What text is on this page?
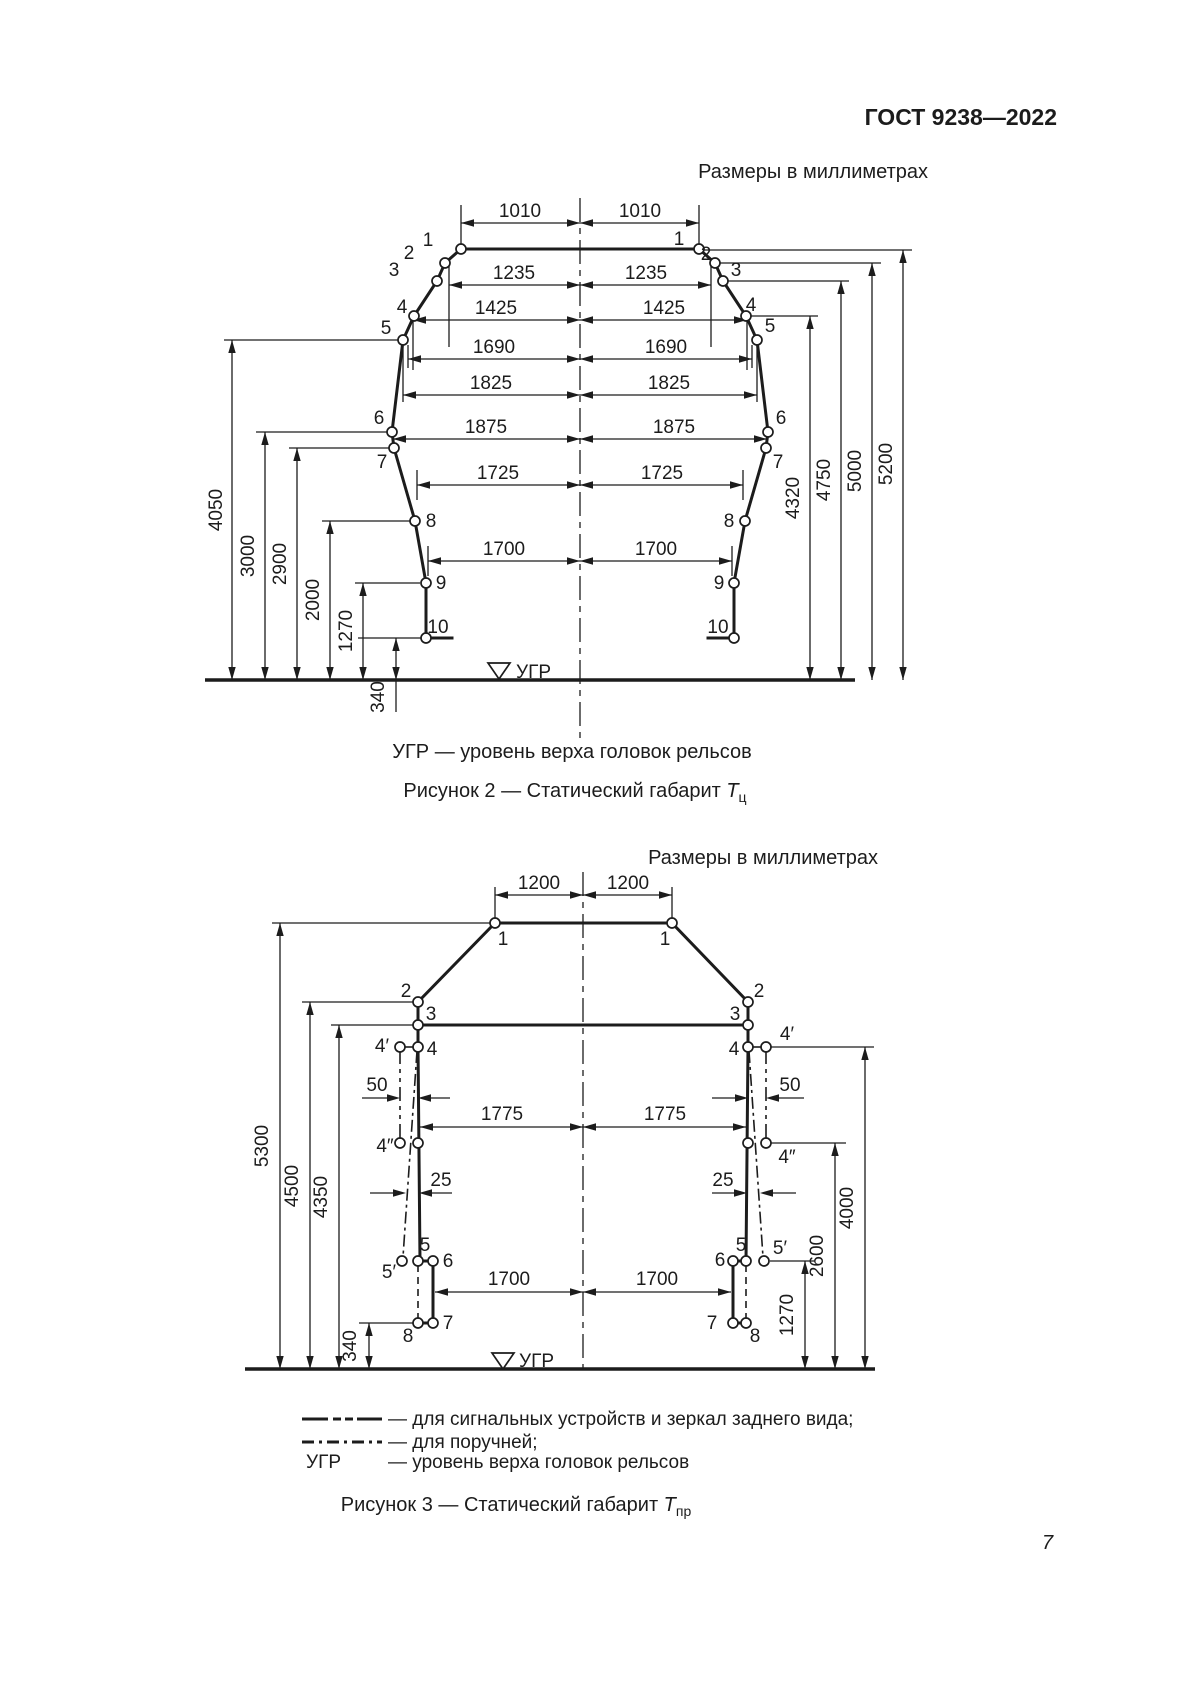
ГОСТ 9238—2022
Размеры в миллиметрах
1010	1010
1235	1235
1425	1425
1690	1690
1825	1825
1875	1875
1725	1725
1700	1700
4050
3000 2900
2000
1270
340
4320 4750 5000 5200
1
2
3
4
5
6
7
8
9
10
1
2
3
4
5
6
7
8
9
10
УГР
УГР — уровень верха головок рельсов
Рисунок 2 — Статический габарит $Т_ц$
Размеры в миллиметрах
1200 1200
1775	1775
1700	1700
50	50
25	25
5300
4500 4350
340
4000
2600
1270
1	1
2	2
3	3
4	4
4′
4′
4″
4″
5	5
5′
5′
6	6
7	7
8	8
УГР
— для сигнальных устройств и зеркал заднего вида;
— для поручней;
УГР — уровень верха головок рельсов
Рисунок 3 — Статический габарит $Т_{пр}$
7
